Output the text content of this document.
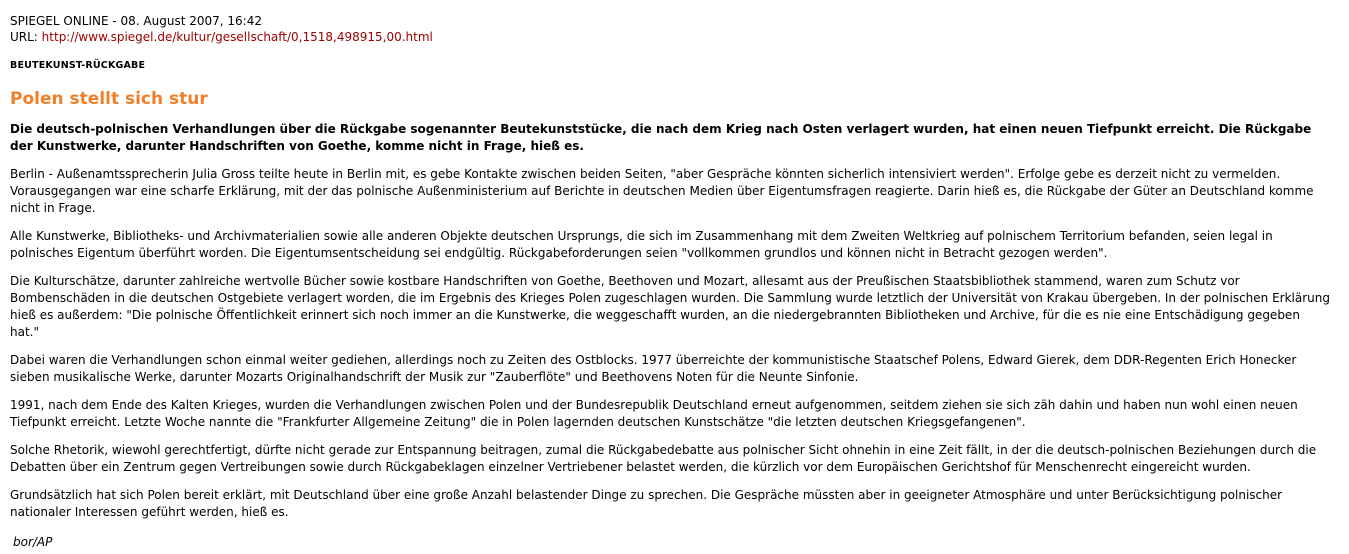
SPIEGEL ONLINE - 08. August 2007, 16:42

URL: http://www.spiegel.de/kultur/gesellschaft/0,1518,498915,00.html

BEUTEKUNST-RÜCKGABE

Polen stellt sich stur

Die deutsch-polnischen Verhandlungen über die Rückgabe sogenannter Beutekunststücke, die nach dem Krieg nach Osten verlagert wurden, hat einen neuen Tiefpunkt erreicht. Die Rückgabe der Kunstwerke, darunter Handschriften von Goethe, komme nicht in Frage, hieß es.

Berlin - Außenamtssprecherin Julia Gross teilte heute in Berlin mit, es gebe Kontakte zwischen beiden Seiten, "aber Gespräche könnten sicherlich intensiviert werden". Erfolge gebe es derzeit nicht zu vermelden. Vorausgegangen war eine scharfe Erklärung, mit der das polnische Außenministerium auf Berichte in deutschen Medien über Eigentumsfragen reagierte. Darin hieß es, die Rückgabe der Güter an Deutschland komme nicht in Frage.

Alle Kunstwerke, Bibliotheks- und Archivmaterialien sowie alle anderen Objekte deutschen Ursprungs, die sich im Zusammenhang mit dem Zweiten Weltkrieg auf polnischem Territorium befanden, seien legal in polnisches Eigentum überführt worden. Die Eigentumsentscheidung sei endgültig. Rückgabeforderungen seien "vollkommen grundlos und können nicht in Betracht gezogen werden".

Die Kulturschätze, darunter zahlreiche wertvolle Bücher sowie kostbare Handschriften von Goethe, Beethoven und Mozart, allesamt aus der Preußischen Staatsbibliothek stammend, waren zum Schutz vor Bombenschäden in die deutschen Ostgebiete verlagert worden, die im Ergebnis des Krieges Polen zugeschlagen wurden. Die Sammlung wurde letztlich der Universität von Krakau übergeben. In der polnischen Erklärung hieß es außerdem: "Die polnische Öffentlichkeit erinnert sich noch immer an die Kunstwerke, die weggeschafft wurden, an die niedergebrannten Bibliotheken und Archive, für die es nie eine Entschädigung gegeben hat."

Dabei waren die Verhandlungen schon einmal weiter gediehen, allerdings noch zu Zeiten des Ostblocks. 1977 überreichte der kommunistische Staatschef Polens, Edward Gierek, dem DDR-Regenten Erich Honecker sieben musikalische Werke, darunter Mozarts Originalhandschrift der Musik zur "Zauberflöte" und Beethovens Noten für die Neunte Sinfonie.

1991, nach dem Ende des Kalten Krieges, wurden die Verhandlungen zwischen Polen und der Bundesrepublik Deutschland erneut aufgenommen, seitdem ziehen sie sich zäh dahin und haben nun wohl einen neuen Tiefpunkt erreicht. Letzte Woche nannte die "Frankfurter Allgemeine Zeitung" die in Polen lagernden deutschen Kunstschätze "die letzten deutschen Kriegsgefangenen".

Solche Rhetorik, wiewohl gerechtfertigt, dürfte nicht gerade zur Entspannung beitragen, zumal die Rückgabedebatte aus polnischer Sicht ohnehin in eine Zeit fällt, in der die deutsch-polnischen Beziehungen durch die Debatten über ein Zentrum gegen Vertreibungen sowie durch Rückgabeklagen einzelner Vertriebener belastet werden, die kürzlich vor dem Europäischen Gerichtshof für Menschenrecht eingereicht wurden.

Grundsätzlich hat sich Polen bereit erklärt, mit Deutschland über eine große Anzahl belastender Dinge zu sprechen. Die Gespräche müssten aber in geeigneter Atmosphäre und unter Berücksichtigung polnischer nationaler Interessen geführt werden, hieß es.

bor/AP
